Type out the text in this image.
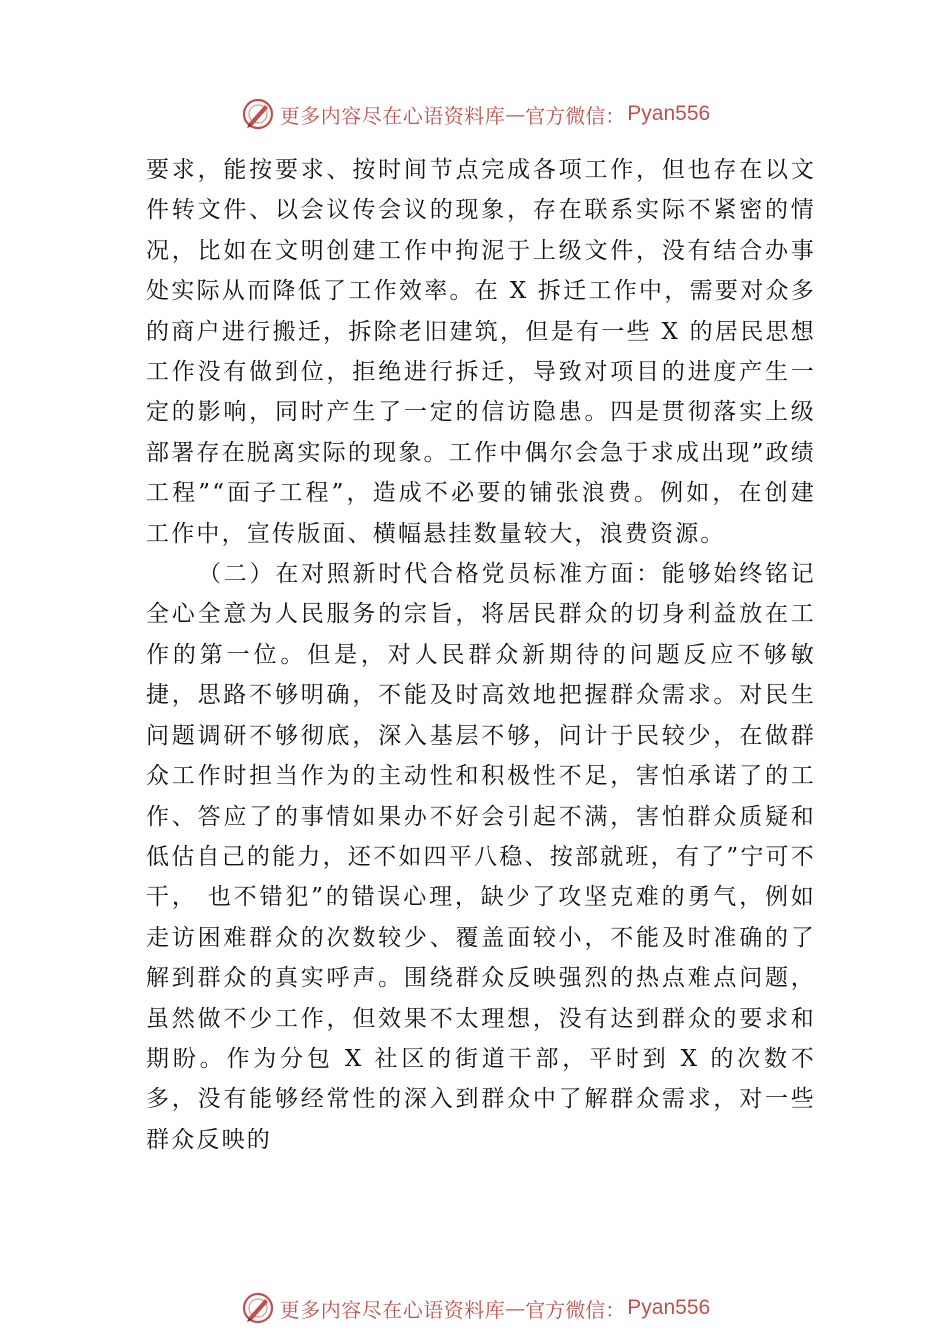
更多内容尽在心语资料库 — 官方微信： Pyan556

要求，能按要求、按时间节点完成各项工作，但也存在以文件转文件、以会议传会议的现象，存在联系实际不紧密的情况，比如在文明创建工作中拘泥于上级文件，没有结合办事处实际从而降低了工作效率。在 X 拆迁工作中，需要对众多的商户进行搬迁，拆除老旧建筑，但是有一些 X 的居民思想工作没有做到位，拒绝进行拆迁，导致对项目的进度产生一定的影响，同时产生了一定的信访隐患。四是贯彻落实上级部署存在脱离实际的现象。工作中偶尔会急于求成出现”政绩工程”“面子工程”，造成不必要的铺张浪费。例如，在创建工作中，宣传版面、横幅悬挂数量较大，浪费资源。

（二）在对照新时代合格党员标准方面：能够始终铭记全心全意为人民服务的宗旨，将居民群众的切身利益放在工作的第一位。但是，对人民群众新期待的问题反应不够敏捷，思路不够明确，不能及时高效地把握群众需求。对民生问题调研不够彻底，深入基层不够，问计于民较少，在做群众工作时担当作为的主动性和积极性不足，害怕承诺了的工作、答应了的事情如果办不好会引起不满，害怕群众质疑和低估自己的能力，还不如四平八稳、按部就班，有了”宁可不干， 也不错犯”的错误心理，缺少了攻坚克难的勇气，例如走访困难群众的次数较少、覆盖面较小，不能及时准确的了解到群众的真实呼声。围绕群众反映强烈的热点难点问题，虽然做不少工作，但效果不太理想，没有达到群众的要求和期盼。作为分包 X 社区的街道干部，平时到 X 的次数不多，没有能够经常性的深入到群众中了解群众需求，对一些群众反映的

更多内容尽在心语资料库 — 官方微信： Pyan556
